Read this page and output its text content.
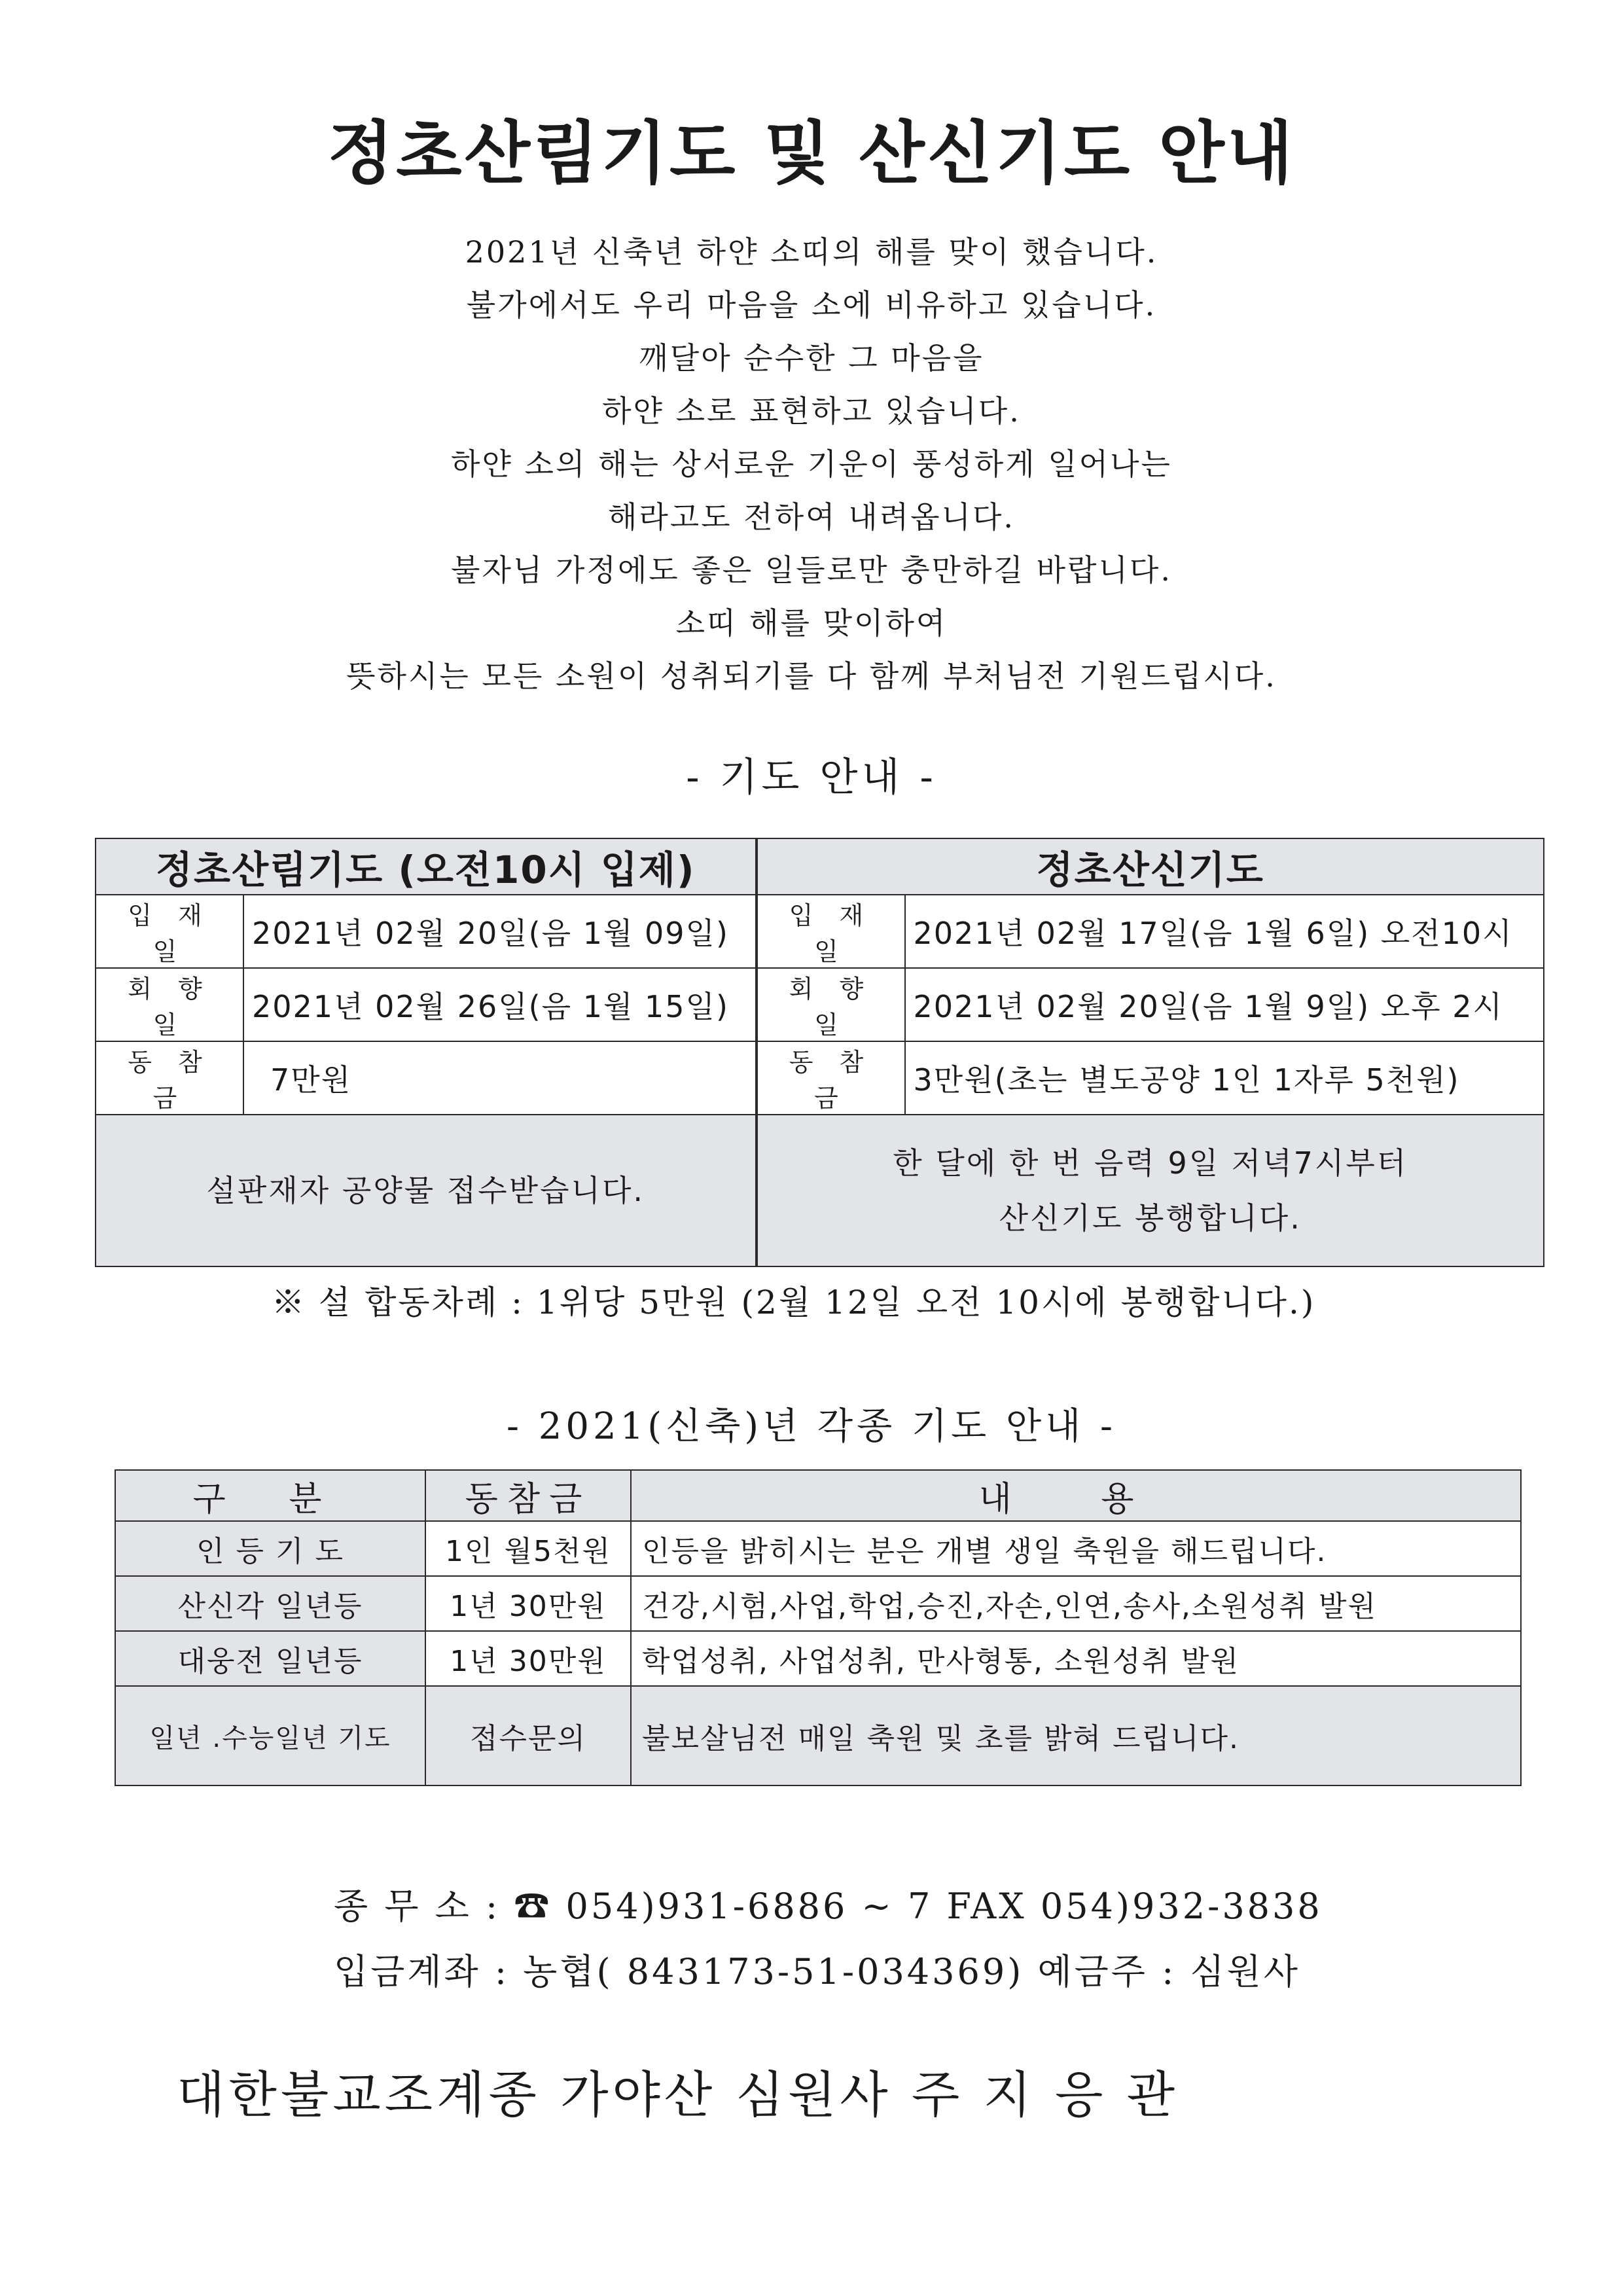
정초산림기도 및 산신기도 안내
2021년 신축년 하얀 소띠의 해를 맞이 했습니다.
불가에서도 우리 마음을 소에 비유하고 있습니다.
깨달아 순수한 그 마음을
하얀 소로 표현하고 있습니다.
하얀 소의 해는 상서로운 기운이 풍성하게 일어나는
해라고도 전하여 내려옵니다.
불자님 가정에도 좋은 일들로만 충만하길 바랍니다.
소띠 해를 맞이하여
뜻하시는 모든 소원이 성취되기를 다 함께 부처님전 기원드립시다.
- 기도 안내 -
정초산림기도 (오전10시 입제)		정초산신기도	
입 재 일	2021년 02월 20일(음 1월 09일)	입 재 일	2021년 02월 17일(음 1월 6일) 오전10시
회 향 일	2021년 02월 26일(음 1월 15일)	회 향 일	2021년 02월 20일(음 1월 9일) 오후 2시
동 참 금	7만원	동 참 금	3만원(초는 별도공양 1인 1자루 5천원)
설판재자 공양물 접수받습니다.		한 달에 한 번 음력 9일 저녁7시부터
산신기도 봉행합니다.	
※ 설 합동차례 : 1위당 5만원 (2월 12일 오전 10시에 봉행합니다.)
- 2021(신축)년 각종 기도 안내 -
구 분	동참금	내 용
인 등 기 도	1인 월5천원	인등을 밝히시는 분은 개별 생일 축원을 해드립니다.
산신각 일년등	1년 30만원	건강,시험,사업,학업,승진,자손,인연,송사,소원성취 발원
대웅전 일년등	1년 30만원	학업성취, 사업성취, 만사형통, 소원성취 발원
일년 .수능일년 기도	접수문의	불보살님전 매일 축원 및 초를 밝혀 드립니다.
종 무 소 : ☎ 054)931-6886 ~ 7 FAX 054)932-3838
입금계좌 : 농협( 843173-51-034369) 예금주 : 심원사
대한불교조계종 가야산 심원사 주 지 응 관
